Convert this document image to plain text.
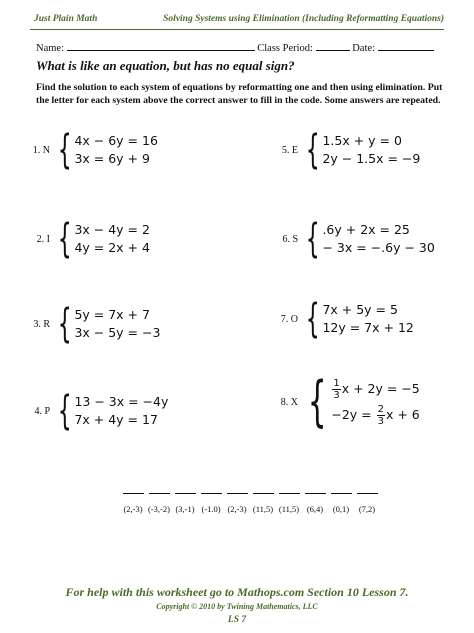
Just Plain Math	Solving Systems using Elimination (Including Reformatting Equations)
Name:	Class Period:	Date:
What is like an equation, but has no equal sign?
Find the solution to each system of equations by reformatting one and then using elimination. Put the letter for each system above the correct answer to fill in the code. Some answers are repeated.
1. N { 4x − 6y = 16
3x = 6y + 9
2. I { 3x − 4y = 2
4y = 2x + 4
3. R { 5y = 7x + 7
3x − 5y = −3
4. P { 13 − 3x = −4y
7x + 4y = 17
5. E { 1.5x + y = 0
2y − 1.5x = −9
6. S { .6y + 2x = 25
− 3x = −.6y − 30
7. O { 7x + 5y = 5
12y = 7x + 12
8. X { $\frac{1}{3}$ x + 2y = −5
$-2y = \frac{2}{3}$ x + 6
(2,-3) (-3,-2) (3,-1) (-1.0) (2,-3) (11,5) (11,5) (6,4)	(0,1)	(7,2)
For help with this worksheet go to Mathops.com Section 10 Lesson 7.
Copyright © 2010 by Twining Mathematics, LLC
LS 7
